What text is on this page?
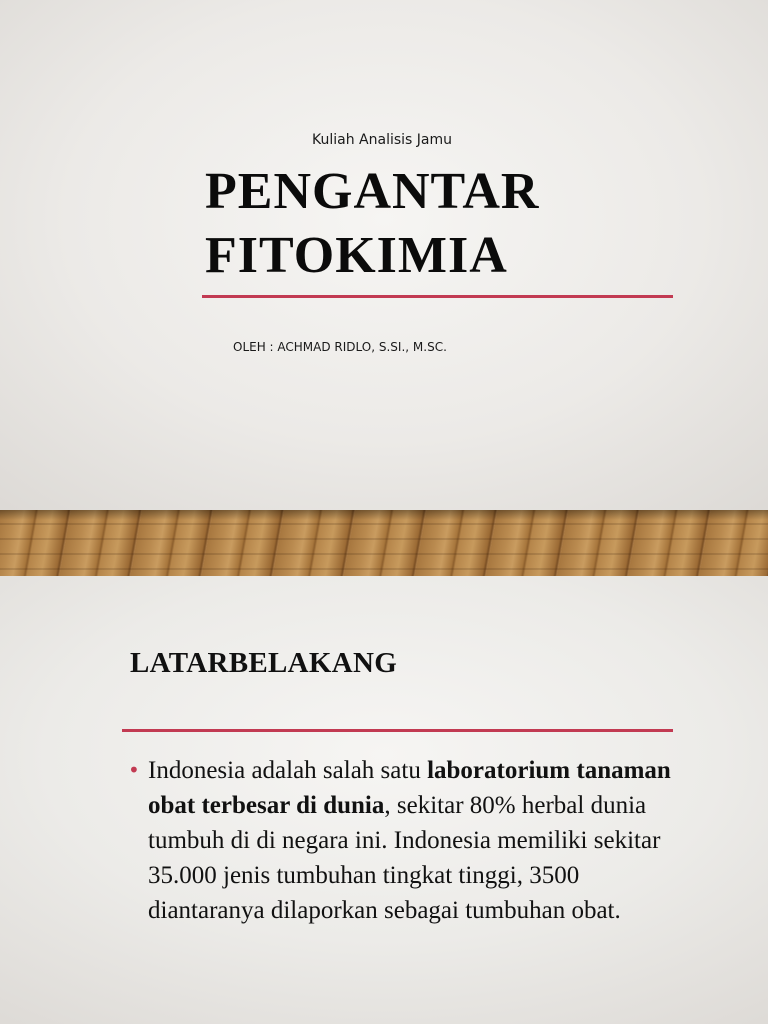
Kuliah Analisis Jamu
PENGANTAR
FITOKIMIA
OLEH : ACHMAD RIDLO, S.SI., M.SC.
LATARBELAKANG
• Indonesia adalah salah satu laboratorium tanaman obat terbesar di dunia, sekitar 80% herbal dunia tumbuh di di negara ini. Indonesia memiliki sekitar 35.000 jenis tumbuhan tingkat tinggi, 3500 diantaranya dilaporkan sebagai tumbuhan obat.
